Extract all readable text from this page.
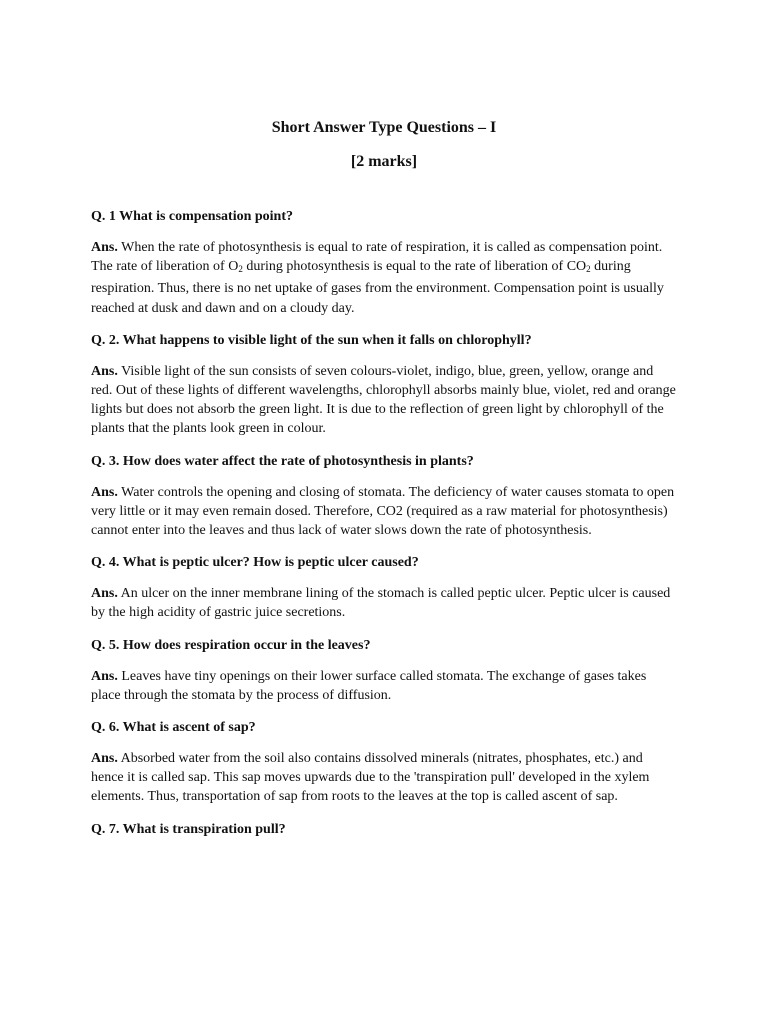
Short Answer Type Questions – I
[2 marks]
Q. 1 What is compensation point?
Ans. When the rate of photosynthesis is equal to rate of respiration, it is called as compensation point. The rate of liberation of $O_2$ during photosynthesis is equal to the rate of liberation of $CO_2$ during respiration. Thus, there is no net uptake of gases from the environment. Compensation point is usually reached at dusk and dawn and on a cloudy day.
Q. 2. What happens to visible light of the sun when it falls on chlorophyll?
Ans. Visible light of the sun consists of seven colours-violet, indigo, blue, green, yellow, orange and red. Out of these lights of different wavelengths, chlorophyll absorbs mainly blue, violet, red and orange lights but does not absorb the green light. It is due to the reflection of green light by chlorophyll of the plants that the plants look green in colour.
Q. 3. How does water affect the rate of photosynthesis in plants?
Ans. Water controls the opening and closing of stomata. The deficiency of water causes stomata to open very little or it may even remain dosed. Therefore, CO2 (required as a raw material for photosynthesis) cannot enter into the leaves and thus lack of water slows down the rate of photosynthesis.
Q. 4. What is peptic ulcer? How is peptic ulcer caused?
Ans. An ulcer on the inner membrane lining of the stomach is called peptic ulcer. Peptic ulcer is caused by the high acidity of gastric juice secretions.
Q. 5. How does respiration occur in the leaves?
Ans. Leaves have tiny openings on their lower surface called stomata. The exchange of gases takes place through the stomata by the process of diffusion.
Q. 6. What is ascent of sap?
Ans. Absorbed water from the soil also contains dissolved minerals (nitrates, phosphates, etc.) and hence it is called sap. This sap moves upwards due to the 'transpiration pull' developed in the xylem elements. Thus, transportation of sap from roots to the leaves at the top is called ascent of sap.
Q. 7. What is transpiration pull?
